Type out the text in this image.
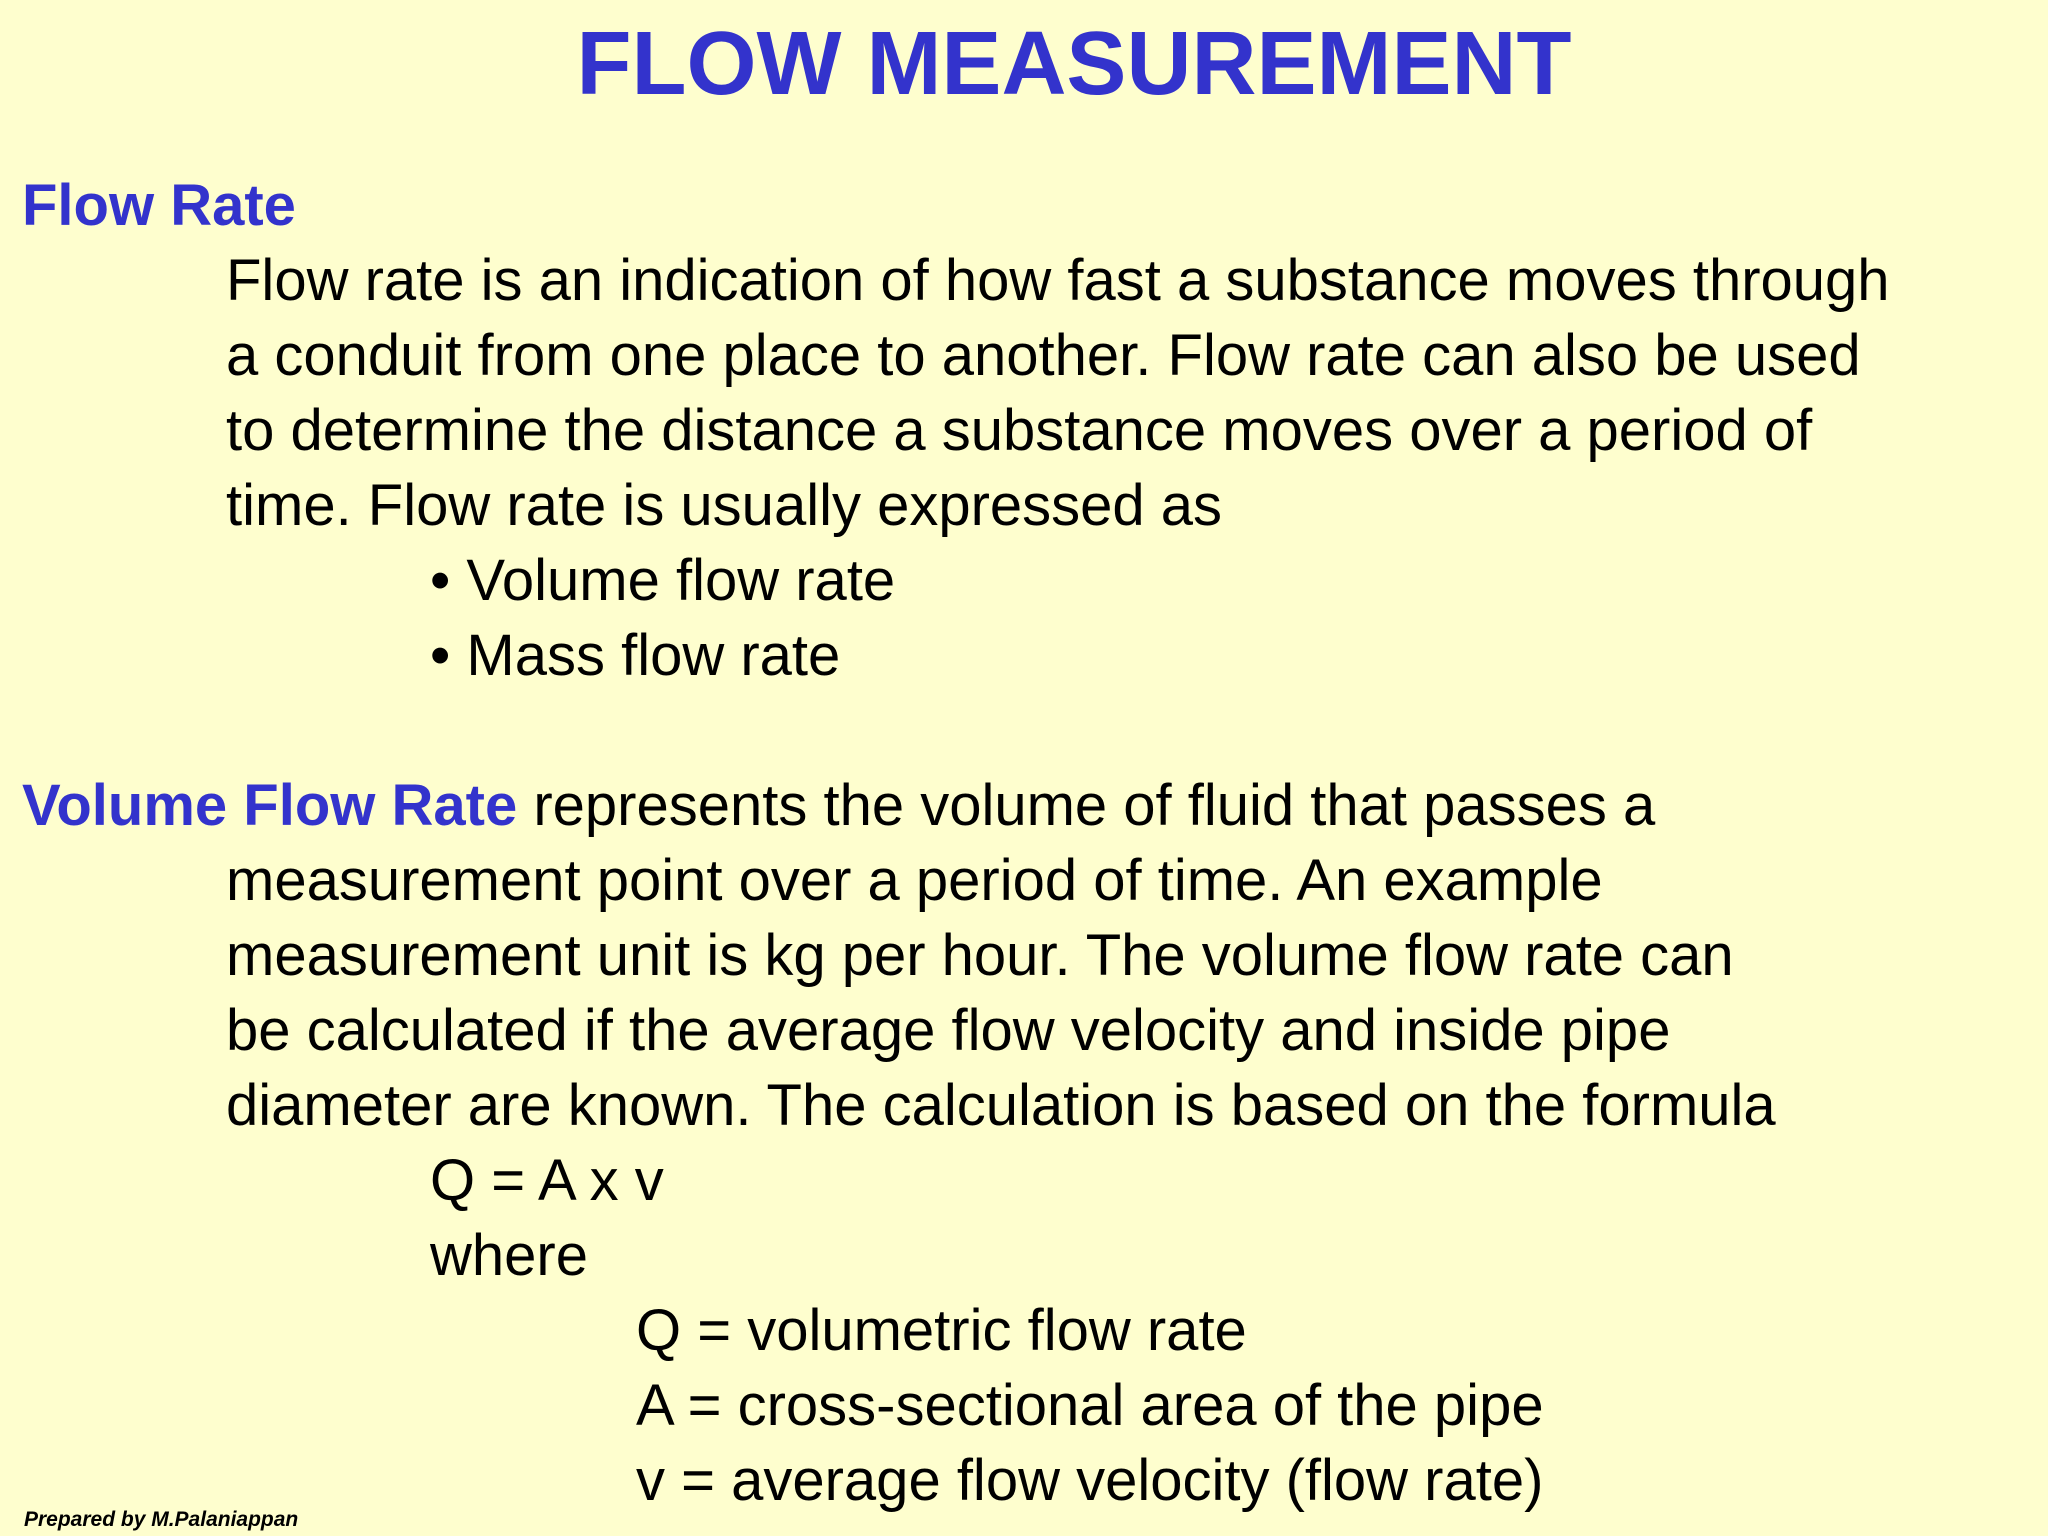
FLOW MEASUREMENT
Flow Rate
Flow rate is an indication of how fast a substance moves through
a conduit from one place to another. Flow rate can also be used
to determine the distance a substance moves over a period of
time. Flow rate is usually expressed as
• Volume flow rate
• Mass flow rate
Volume Flow Rate represents the volume of fluid that passes a
measurement point over a period of time. An example
measurement unit is kg per hour. The volume flow rate can
be calculated if the average flow velocity and inside pipe
diameter are known. The calculation is based on the formula
Q = A x v
where
Q = volumetric flow rate
A = cross-sectional area of the pipe
v = average flow velocity (flow rate)
Prepared by M.Palaniappan
